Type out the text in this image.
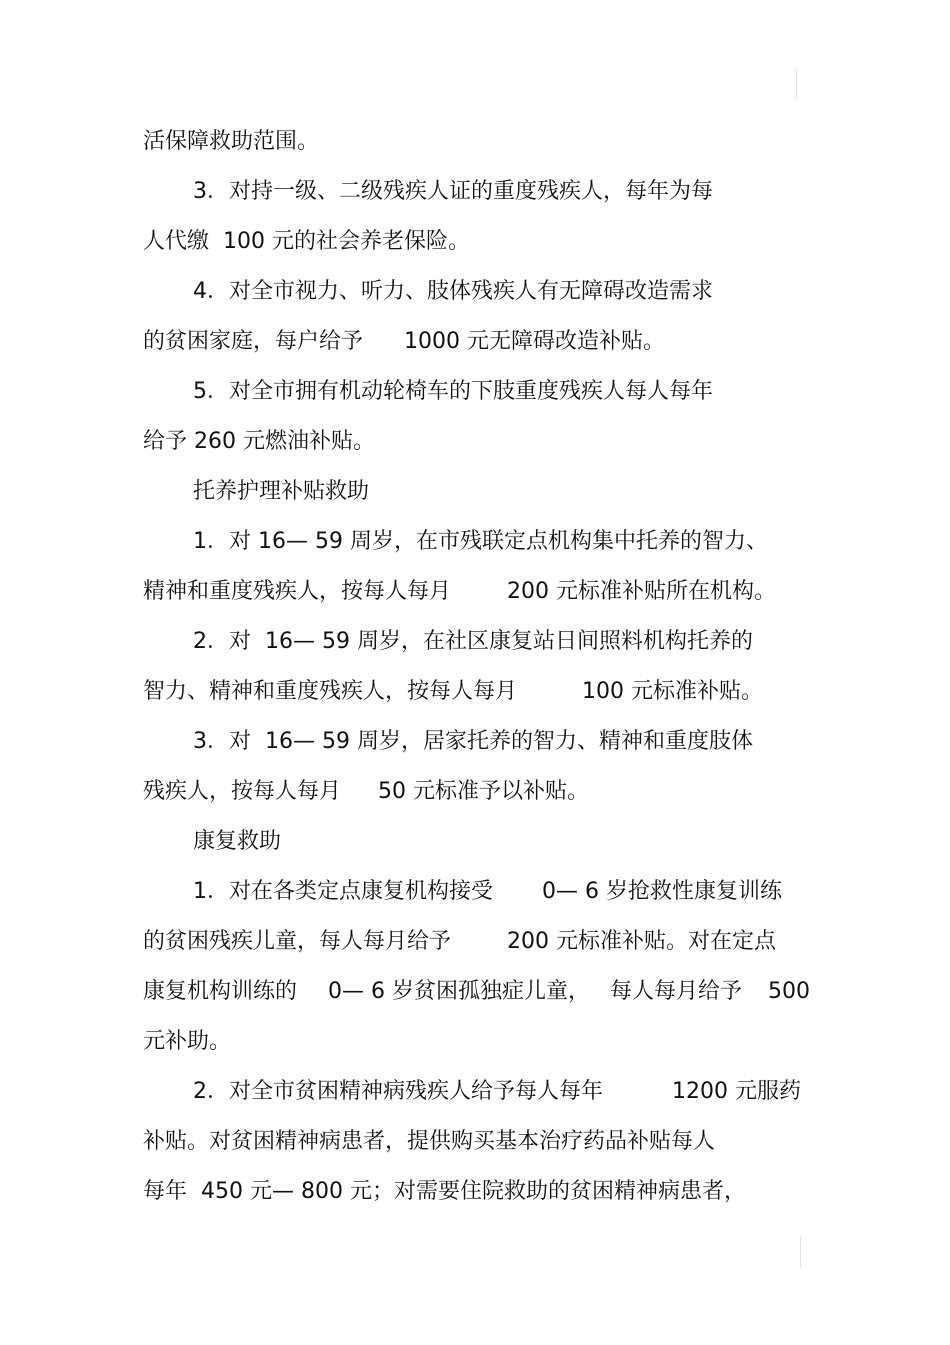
活保障救助范围。

3．对持一级、二级残疾人证的重度残疾人，每年为每

人代缴  100 元的社会养老保险。

4．对全市视力、听力、肢体残疾人有无障碍改造需求

的贫困家庭，每户给予

1000 元无障碍改造补贴。

5．对全市拥有机动轮椅车的下肢重度残疾人每人每年

给予 260 元燃油补贴。

托养护理补贴救助

1．对 16— 59 周岁，在市残联定点机构集中托养的智力、

精神和重度残疾人，按每人每月

	200 元标准补贴所在机构。

2．对  16— 59 周岁，在社区康复站日间照料机构托养的

智力、精神和重度残疾人，按每人每月

	100 元标准补贴。

3．对  16— 59 周岁，居家托养的智力、精神和重度肢体

残疾人，按每人每月

50 元标准予以补贴。

康复救助

1．对在各类定点康复机构接受

0— 6 岁抢救性康复训练

的贫困残疾儿童，每人每月给予

	200 元标准补贴。对在定点

康复机构训练的

0— 6 岁贫困孤独症儿童，

每人每月给予

500

元补助。

2．对全市贫困精神病残疾人给予每人每年

	1200 元服药

补贴。对贫困精神病患者，提供购买基本治疗药品补贴每人

每年  450 元— 800 元；对需要住院救助的贫困精神病患者，
